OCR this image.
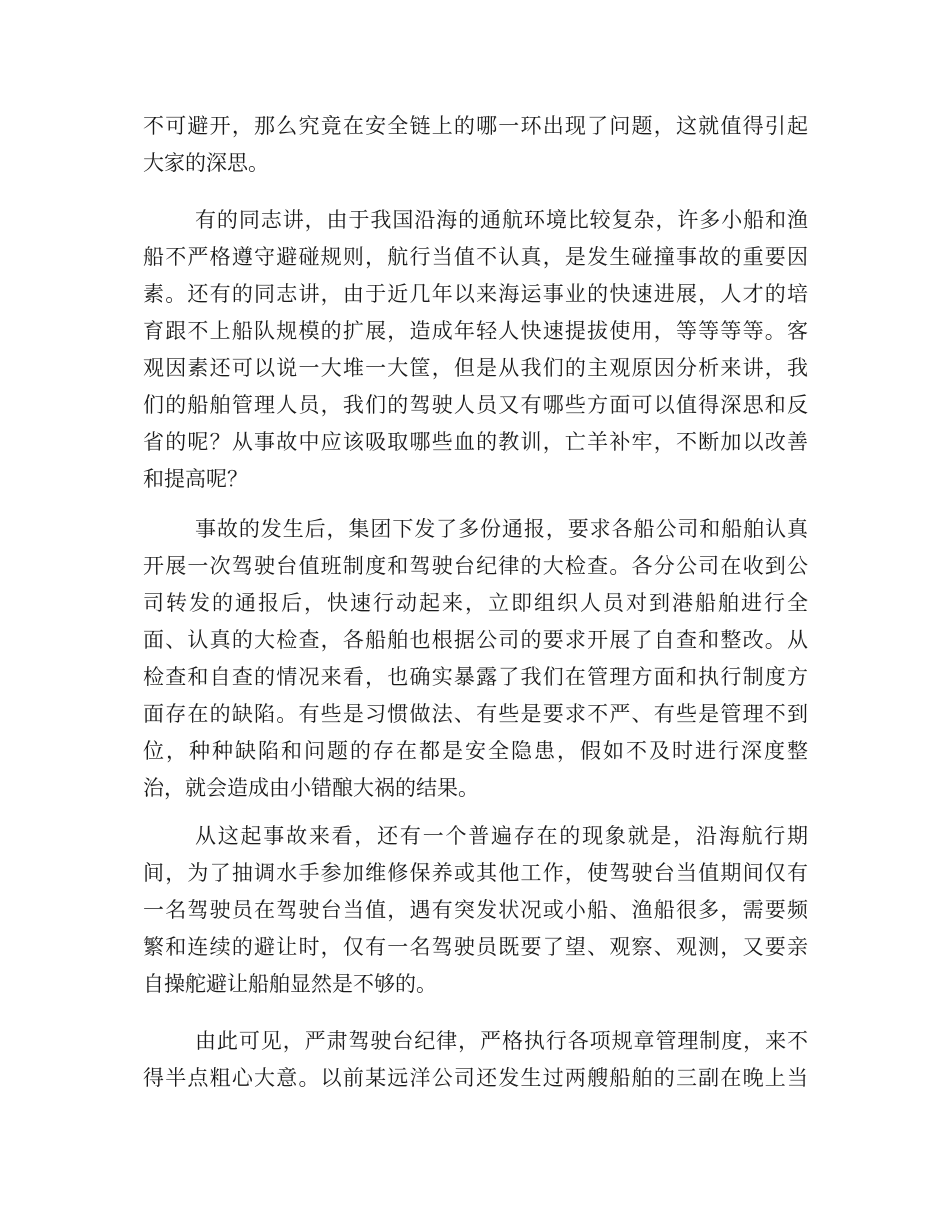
不可避开，那么究竟在安全链上的哪一环出现了问题，这就值得引起
大家的深思。
有的同志讲，由于我国沿海的通航环境比较复杂，许多小船和渔
船不严格遵守避碰规则，航行当值不认真，是发生碰撞事故的重要因
素。还有的同志讲，由于近几年以来海运事业的快速进展，人才的培
育跟不上船队规模的扩展，造成年轻人快速提拔使用，等等等等。客
观因素还可以说一大堆一大筐，但是从我们的主观原因分析来讲，我
们的船舶管理人员，我们的驾驶人员又有哪些方面可以值得深思和反
省的呢？从事故中应该吸取哪些血的教训，亡羊补牢，不断加以改善
和提高呢？
事故的发生后，集团下发了多份通报，要求各船公司和船舶认真
开展一次驾驶台值班制度和驾驶台纪律的大检查。各分公司在收到公
司转发的通报后，快速行动起来，立即组织人员对到港船舶进行全
面、认真的大检查，各船舶也根据公司的要求开展了自查和整改。从
检查和自查的情况来看，也确实暴露了我们在管理方面和执行制度方
面存在的缺陷。有些是习惯做法、有些是要求不严、有些是管理不到
位，种种缺陷和问题的存在都是安全隐患，假如不及时进行深度整
治，就会造成由小错酿大祸的结果。
从这起事故来看，还有一个普遍存在的现象就是，沿海航行期
间，为了抽调水手参加维修保养或其他工作，使驾驶台当值期间仅有
一名驾驶员在驾驶台当值，遇有突发状况或小船、渔船很多，需要频
繁和连续的避让时，仅有一名驾驶员既要了望、观察、观测，又要亲
自操舵避让船舶显然是不够的。
由此可见，严肃驾驶台纪律，严格执行各项规章管理制度，来不
得半点粗心大意。以前某远洋公司还发生过两艘船舶的三副在晚上当
